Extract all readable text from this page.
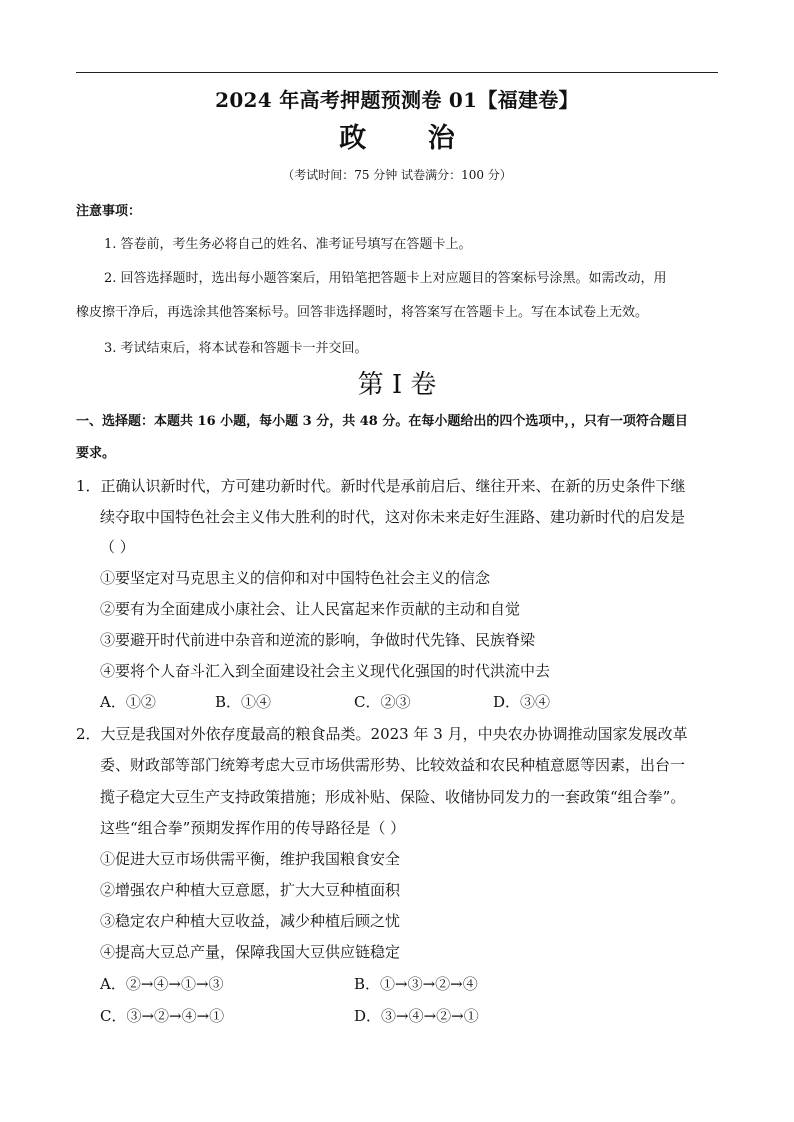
2024 年高考押题预测卷 01【福建卷】
政 治
（考试时间：75 分钟 试卷满分：100 分）
注意事项：
1. 答卷前，考生务必将自己的姓名、准考证号填写在答题卡上。
2. 回答选择题时，选出每小题答案后，用铅笔把答题卡上对应题目的答案标号涂黑。如需改动，用
橡皮擦干净后，再选涂其他答案标号。回答非选择题时，将答案写在答题卡上。写在本试卷上无效。
3. 考试结束后，将本试卷和答题卡一并交回。
第 I 卷
一、选择题：本题共 16 小题，每小题 3 分，共 48 分。在每小题给出的四个选项中，，只有一项符合题目
要求。
1．正确认识新时代，方可建功新时代。新时代是承前启后、继往开来、在新的历史条件下继
续夺取中国特色社会主义伟大胜利的时代，这对你未来走好生涯路、建功新时代的启发是
（ ）
①要坚定对马克思主义的信仰和对中国特色社会主义的信念
②要有为全面建成小康社会、让人民富起来作贡献的主动和自觉
③要避开时代前进中杂音和逆流的影响，争做时代先锋、民族脊梁
④要将个人奋斗汇入到全面建设社会主义现代化强国的时代洪流中去
A．①②	B．①④	C．②③	D．③④
2．大豆是我国对外依存度最高的粮食品类。2023 年 3 月，中央农办协调推动国家发展改革
委、财政部等部门统筹考虑大豆市场供需形势、比较效益和农民种植意愿等因素，出台一
揽子稳定大豆生产支持政策措施；形成补贴、保险、收储协同发力的一套政策“组合拳”。
这些“组合拳”预期发挥作用的传导路径是（ ）
①促进大豆市场供需平衡，维护我国粮食安全
②增强农户种植大豆意愿，扩大大豆种植面积
③稳定农户种植大豆收益，减少种植后顾之忧
④提高大豆总产量，保障我国大豆供应链稳定
A．②→④→①→③	B．①→③→②→④
C．③→②→④→①	D．③→④→②→①
